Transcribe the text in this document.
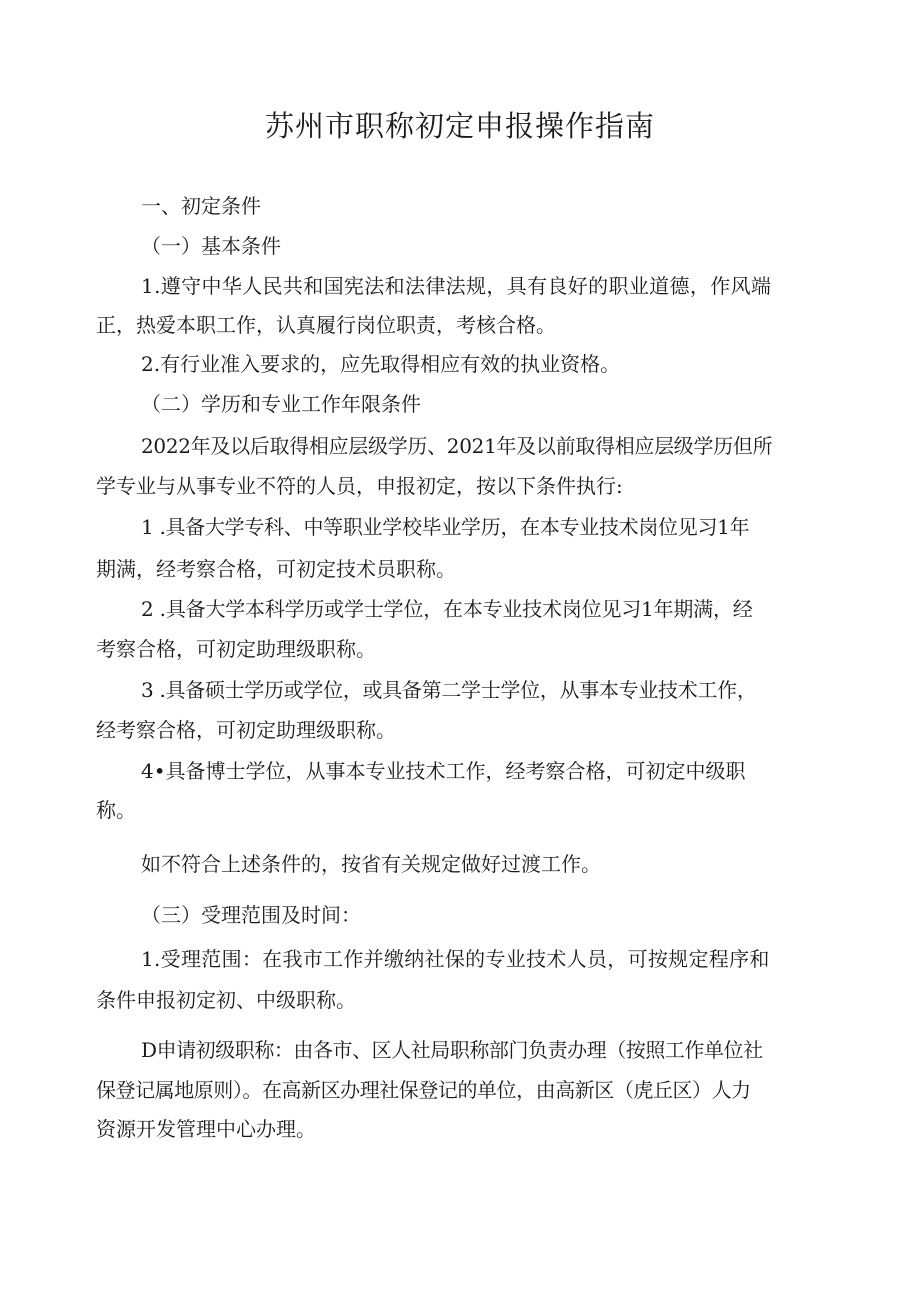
苏州市职称初定申报操作指南
一、初定条件
（一）基本条件
1.遵守中华人民共和国宪法和法律法规，具有良好的职业道德，作风端
正，热爱本职工作，认真履行岗位职责，考核合格。
2.有行业准入要求的，应先取得相应有效的执业资格。
（二）学历和专业工作年限条件
2022年及以后取得相应层级学历、2021年及以前取得相应层级学历但所
学专业与从事专业不符的人员，申报初定，按以下条件执行:
1 .具备大学专科、中等职业学校毕业学历，在本专业技术岗位见习1年
期满，经考察合格，可初定技术员职称。
2 .具备大学本科学历或学士学位，在本专业技术岗位见习1年期满，经
考察合格，可初定助理级职称。
3 .具备硕士学历或学位，或具备第二学士学位，从事本专业技术工作，
经考察合格，可初定助理级职称。
4•具备博士学位，从事本专业技术工作，经考察合格，可初定中级职
称。
如不符合上述条件的，按省有关规定做好过渡工作。
（三）受理范围及时间：
1.受理范围：在我市工作并缴纳社保的专业技术人员，可按规定程序和
条件申报初定初、中级职称。
D申请初级职称：由各市、区人社局职称部门负责办理（按照工作单位社
保登记属地原则）。在高新区办理社保登记的单位，由高新区（虎丘区）人力
资源开发管理中心办理。
